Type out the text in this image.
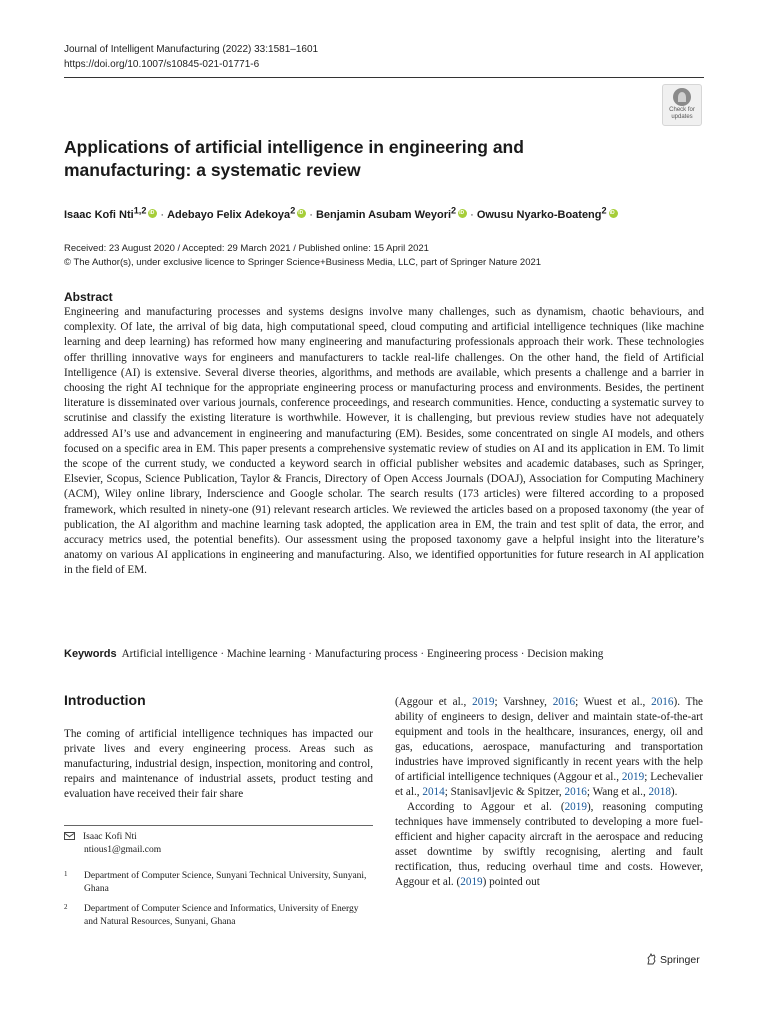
Journal of Intelligent Manufacturing (2022) 33:1581–1601
https://doi.org/10.1007/s10845-021-01771-6
Check for
updates
Applications of artificial intelligence in engineering and manufacturing: a systematic review
Isaac Kofi Nti$^{1,2}$ iD · Adebayo Felix Adekoya$^2$ iD · Benjamin Asubam Weyori$^2$ iD · Owusu Nyarko-Boateng$^2$iD
Received: 23 August 2020 / Accepted: 29 March 2021 / Published online: 15 April 2021
© The Author(s), under exclusive licence to Springer Science+Business Media, LLC, part of Springer Nature 2021
Abstract
Engineering and manufacturing processes and systems designs involve many challenges, such as dynamism, chaotic behaviours, and complexity. Of late, the arrival of big data, high computational speed, cloud computing and artificial intelligence techniques (like machine learning and deep learning) has reformed how many engineering and manufacturing professionals approach their work. These technologies offer thrilling innovative ways for engineers and manufacturers to tackle real-life challenges. On the other hand, the field of Artificial Intelligence (AI) is extensive. Several diverse theories, algorithms, and methods are available, which presents a challenge and a barrier in choosing the right AI technique for the appropriate engineering process or manufacturing process and environments. Besides, the pertinent literature is disseminated over various journals, conference proceedings, and research communities. Hence, conducting a systematic survey to scrutinise and classify the existing literature is worthwhile. However, it is challenging, but previous review studies have not adequately addressed AI’s use and advancement in engineering and manufacturing (EM). Besides, some concentrated on single AI models, and others focused on a specific area in EM. This paper presents a comprehensive systematic review of studies on AI and its application in EM. To limit the scope of the current study, we conducted a keyword search in official publisher websites and academic databases, such as Springer, Elsevier, Scopus, Science Publication, Taylor & Francis, Directory of Open Access Journals (DOAJ), Association for Computing Machinery (ACM), Wiley online library, Inderscience and Google scholar. The search results (173 articles) were filtered according to a proposed framework, which resulted in ninety-one (91) relevant research articles. We reviewed the articles based on a proposed taxonomy (the year of publication, the AI algorithm and machine learning task adopted, the application area in EM, the train and test split of data, the error, and accuracy metrics used, the potential benefits). Our assessment using the proposed taxonomy gave a helpful insight into the literature’s anatomy on various AI applications in engineering and manufacturing. Also, we identified opportunities for future research in AI application in the field of EM.
Keywords Artificial intelligence · Machine learning · Manufacturing process · Engineering process · Decision making
Introduction
The coming of artificial intelligence techniques has impacted our private lives and every engineering process. Areas such as manufacturing, industrial design, inspection, monitoring and control, repairs and maintenance of industrial assets, product testing and evaluation have received their fair share
(Aggour et al., 2019; Varshney, 2016; Wuest et al., 2016). The ability of engineers to design, deliver and maintain state-of-the-art equipment and tools in the healthcare, insurances, energy, oil and gas, educations, aerospace, manufacturing and transportation industries have improved significantly in recent years with the help of artificial intelligence techniques (Aggour et al., 2019; Lechevalier et al., 2014; Stanisavljevic & Spitzer, 2016; Wang et al., 2018).
According to Aggour et al. (2019), reasoning computing techniques have immensely contributed to developing a more fuel-efficient and higher capacity aircraft in the aerospace and reducing asset downtime by swiftly recognising, alerting and fault rectification, thus, reducing overhaul time and costs. However, Aggour et al. (2019) pointed out
Isaac Kofi Nti
ntious1@gmail.com
1 Department of Computer Science, Sunyani Technical University, Sunyani, Ghana
2 Department of Computer Science and Informatics, University of Energy and Natural Resources, Sunyani, Ghana
Springer
